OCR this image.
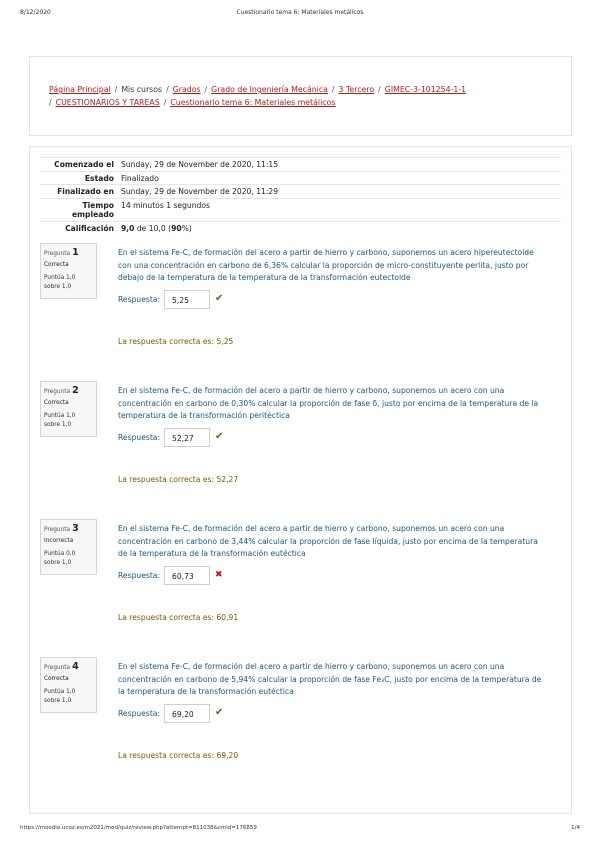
8/12/2020	Cuestionario tema 6: Materiales metálicos
Página Principal / Mis cursos / Grados / Grado de Ingeniería Mecánica / 3 Tercero / GIMEC-3-101254-1-1
/ CUESTIONARIOS Y TAREAS / Cuestionario tema 6: Materiales metálicos
Comenzado el Sunday, 29 de November de 2020, 11:15
Estado Finalizado
Finalizado en Sunday, 29 de November de 2020, 11:29
Tiempo empleado
14 minutos 1 segundos
Calificación 9,0 de 10,0 (90%)
Pregunta 1
Correcta
Puntúa 1,0
sobre 1,0
En el sistema Fe-C, de formación del acero a partir de hierro y carbono, suponemos un acero hipereutectoide con una concentración en carbono de 6,36% calcular la proporción de micro-constituyente perlita, justo por debajo de la temperatura de la temperatura de la transformación eutectoide
Respuesta:	5,25	✔
La respuesta correcta es: 5,25
Pregunta 2
Correcta
Puntúa 1,0
sobre 1,0
En el sistema Fe-C, de formación del acero a partir de hierro y carbono, suponemos un acero con una concentración en carbono de 0,30% calcular la proporción de fase δ, justo por encima de la temperatura de la temperatura de la transformación peritéctica
Respuesta:	52,27	✔
La respuesta correcta es: 52,27
Pregunta 3
Incorrecta
Puntúa 0,0
sobre 1,0
En el sistema Fe-C, de formación del acero a partir de hierro y carbono, suponemos un acero con una concentración en carbono de 3,44% calcular la proporción de fase líquida, justo por encima de la temperatura de la temperatura de la transformación eutéctica
Respuesta:	60,73	✖
La respuesta correcta es: 60,91
Pregunta 4
Correcta
Puntúa 1,0
sobre 1,0
En el sistema Fe-C, de formación del acero a partir de hierro y carbono, suponemos un acero con una concentración en carbono de 5,94% calcular la proporción de fase Fe₃C, justo por encima de la temperatura de la temperatura de la transformación eutéctica
Respuesta:	69,20	✔
La respuesta correcta es: 69,20
https://moodle.ucoz.es/m2021/mod/quiz/review.php?attempt=811038&cmid=176859	1/4
